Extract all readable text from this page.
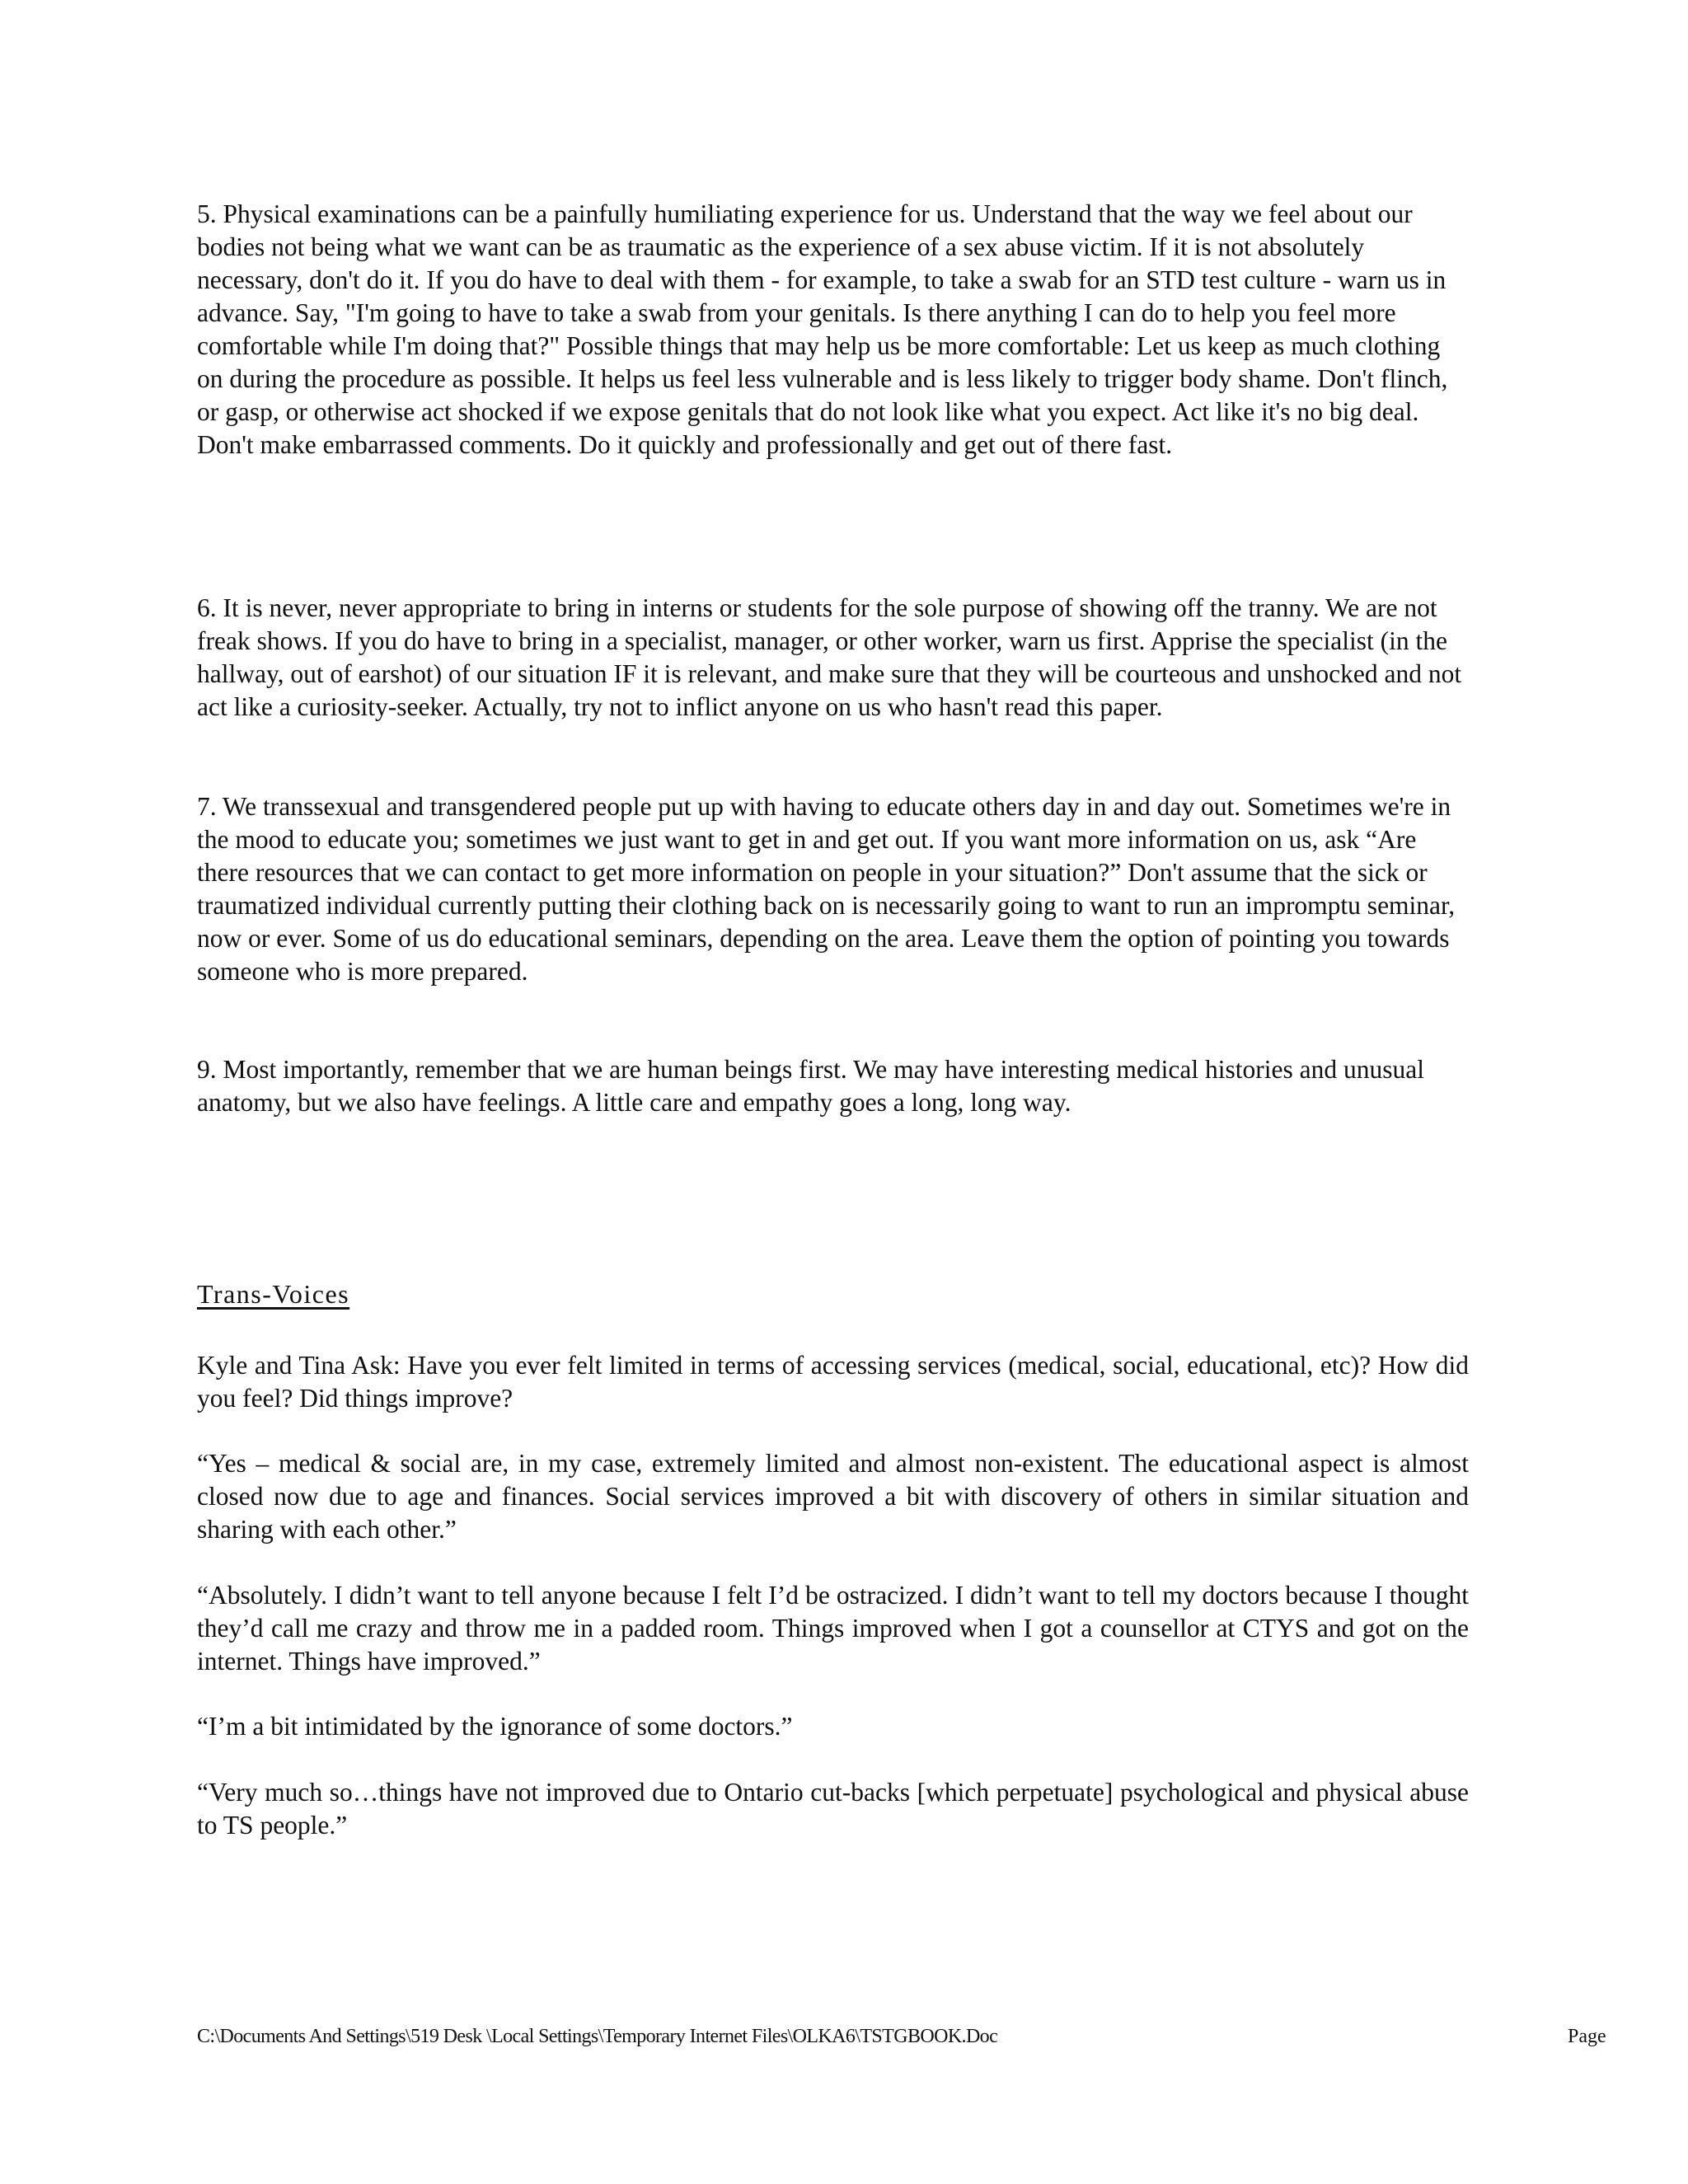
5. Physical examinations can be a painfully humiliating experience for us. Understand that the way we feel about our bodies not being what we want can be as traumatic as the experience of a sex abuse victim. If it is not absolutely necessary, don't do it. If you do have to deal with them - for example, to take a swab for an STD test culture - warn us in advance. Say, "I'm going to have to take a swab from your genitals. Is there anything I can do to help you feel more comfortable while I'm doing that?" Possible things that may help us be more comfortable: Let us keep as much clothing on during the procedure as possible. It helps us feel less vulnerable and is less likely to trigger body shame. Don't flinch, or gasp, or otherwise act shocked if we expose genitals that do not look like what you expect. Act like it's no big deal. Don't make embarrassed comments. Do it quickly and professionally and get out of there fast.

6. It is never, never appropriate to bring in interns or students for the sole purpose of showing off the tranny. We are not freak shows. If you do have to bring in a specialist, manager, or other worker, warn us first. Apprise the specialist (in the hallway, out of earshot) of our situation IF it is relevant, and make sure that they will be courteous and unshocked and not act like a curiosity-seeker. Actually, try not to inflict anyone on us who hasn't read this paper.

7. We transsexual and transgendered people put up with having to educate others day in and day out. Sometimes we're in the mood to educate you; sometimes we just want to get in and get out. If you want more information on us, ask “Are there resources that we can contact to get more information on people in your situation?” Don't assume that the sick or traumatized individual currently putting their clothing back on is necessarily going to want to run an impromptu seminar, now or ever. Some of us do educational seminars, depending on the area. Leave them the option of pointing you towards someone who is more prepared.

9. Most importantly, remember that we are human beings first. We may have interesting medical histories and unusual anatomy, but we also have feelings. A little care and empathy goes a long, long way.

Trans-Voices

Kyle and Tina Ask: Have you ever felt limited in terms of accessing services (medical, social, educational, etc)? How did you feel? Did things improve?

“Yes – medical & social are, in my case, extremely limited and almost non-existent. The educational aspect is almost closed now due to age and finances. Social services improved a bit with discovery of others in similar situation and sharing with each other.”

“Absolutely. I didn’t want to tell anyone because I felt I’d be ostracized. I didn’t want to tell my doctors because I thought they’d call me crazy and throw me in a padded room. Things improved when I got a counsellor at CTYS and got on the internet. Things have improved.”

“I’m a bit intimidated by the ignorance of some doctors.”

“Very much so…things have not improved due to Ontario cut-backs [which perpetuate] psychological and physical abuse to TS people.”

C:\Documents And Settings\519 Desk \Local Settings\Temporary Internet Files\OLKA6\TSTGBOOK.Doc	Page
